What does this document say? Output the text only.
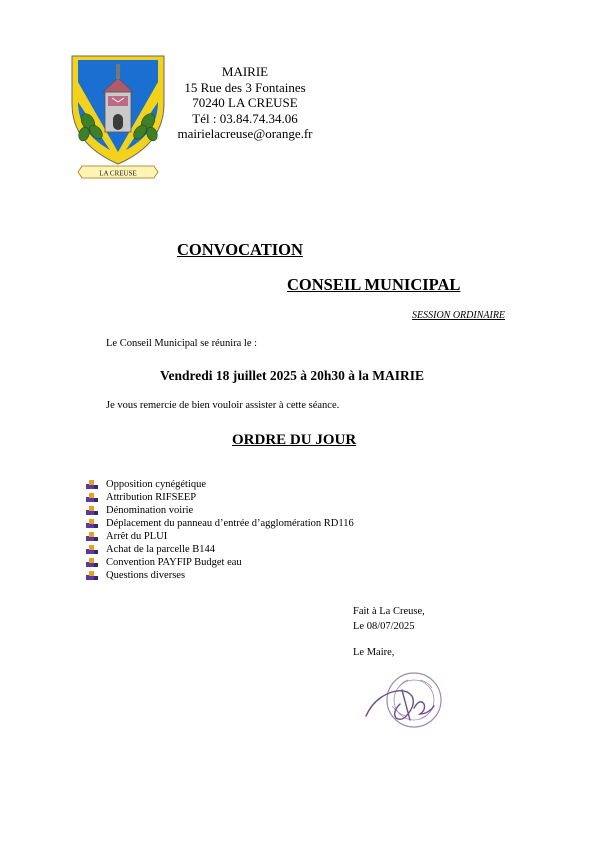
LA CREUSE
MAIRIE
15 Rue des 3 Fontaines
70240 LA CREUSE
Tél : 03.84.74.34.06
mairielacreuse@orange.fr
CONVOCATION
CONSEIL MUNICIPAL
SESSION ORDINAIRE
Le Conseil Municipal se réunira le :
Vendredi 18 juillet 2025 à 20h30 à la MAIRIE
Je vous remercie de bien vouloir assister à cette séance.
ORDRE DU JOUR
Opposition cynégétique
Attribution RIFSEEP
Dénomination voirie
Déplacement du panneau d’entrée d’agglomération RD116
Arrêt du PLUI
Achat de la parcelle B144
Convention PAYFIP Budget eau
Questions diverses
Fait à La Creuse,
Le 08/07/2025
Le Maire,
